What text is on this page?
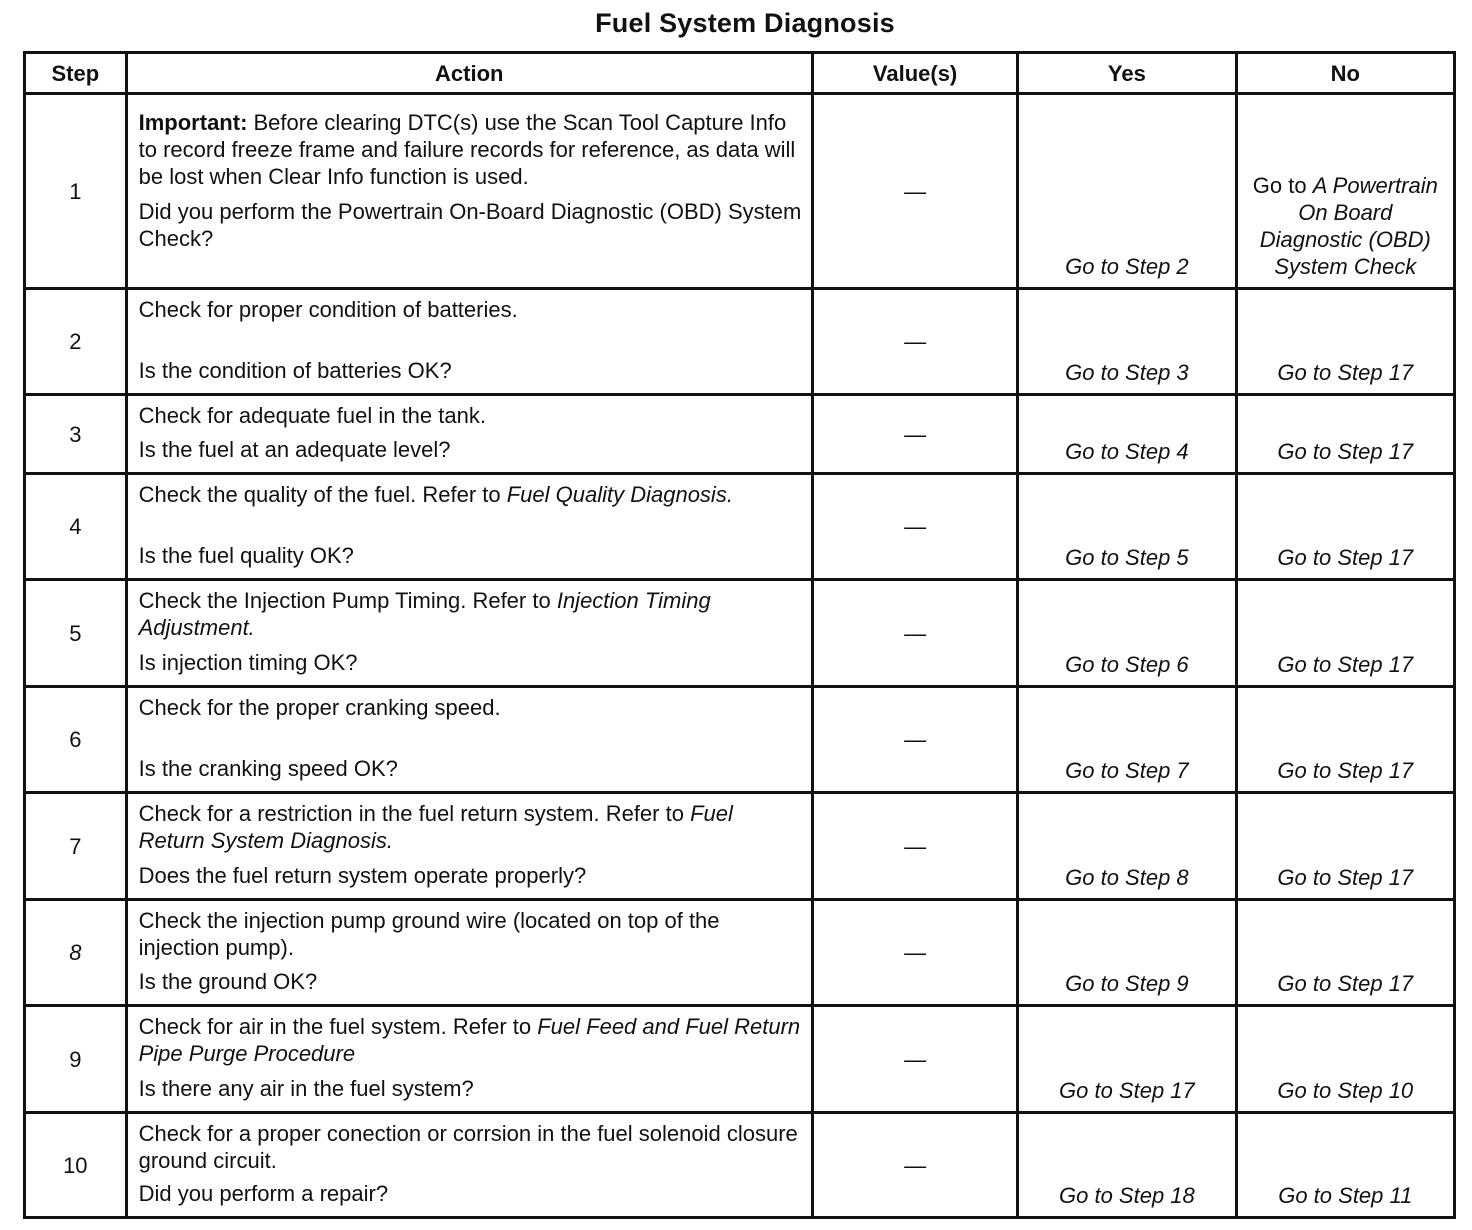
Fuel System Diagnosis
Step	Action	Value(s)	Yes	No
1	Important: Before clearing DTC(s) use the Scan Tool Capture Info to record freeze frame and failure records for reference, as data will be lost when Clear Info function is used.
Did you perform the Powertrain On-Board Diagnostic (OBD) System Check?	—	Go to Step 2	Go to A Powertrain On Board Diagnostic (OBD) System Check
2	Check for proper condition of batteries.
Is the condition of batteries OK?	—	Go to Step 3	Go to Step 17
3	Check for adequate fuel in the tank.
Is the fuel at an adequate level?	—	Go to Step 4	Go to Step 17
4	Check the quality of the fuel. Refer to Fuel Quality Diagnosis.
Is the fuel quality OK?	—	Go to Step 5	Go to Step 17
5	Check the Injection Pump Timing. Refer to Injection Timing Adjustment.
Is injection timing OK?	—	Go to Step 6	Go to Step 17
6	Check for the proper cranking speed.
Is the cranking speed OK?	—	Go to Step 7	Go to Step 17
7	Check for a restriction in the fuel return system. Refer to Fuel Return System Diagnosis.
Does the fuel return system operate properly?	—	Go to Step 8	Go to Step 17
8	Check the injection pump ground wire (located on top of the injection pump).
Is the ground OK?	—	Go to Step 9	Go to Step 17
9	Check for air in the fuel system. Refer to Fuel Feed and Fuel Return Pipe Purge Procedure
Is there any air in the fuel system?	—	Go to Step 17	Go to Step 10
10	Check for a proper conection or corrsion in the fuel solenoid closure ground circuit.
Did you perform a repair?	—	Go to Step 18	Go to Step 11
